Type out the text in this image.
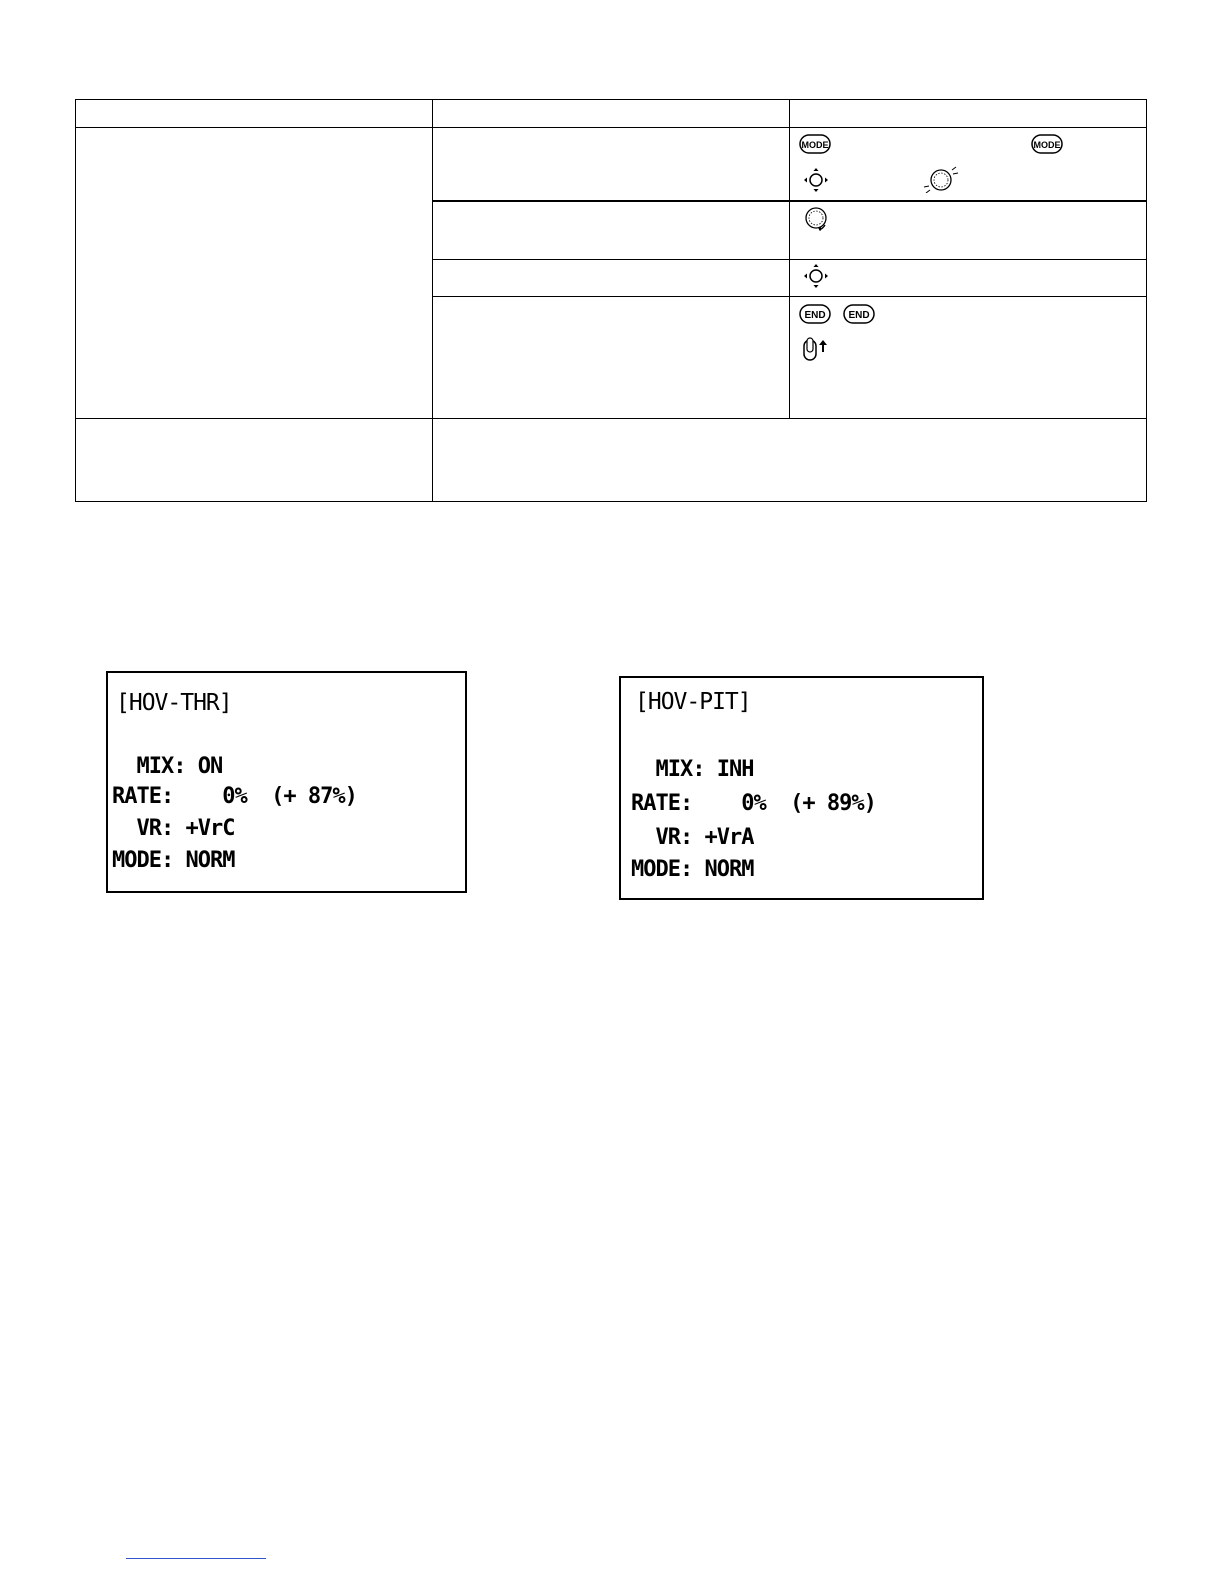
MODE	MODE
END END
[HOV-THR]
MIX: ON
RATE:    0%  (+ 87%)
VR: +VrC
MODE: NORM
[HOV-PIT]
MIX: INH
RATE:    0%  (+ 89%)
VR: +VrA
MODE: NORM
